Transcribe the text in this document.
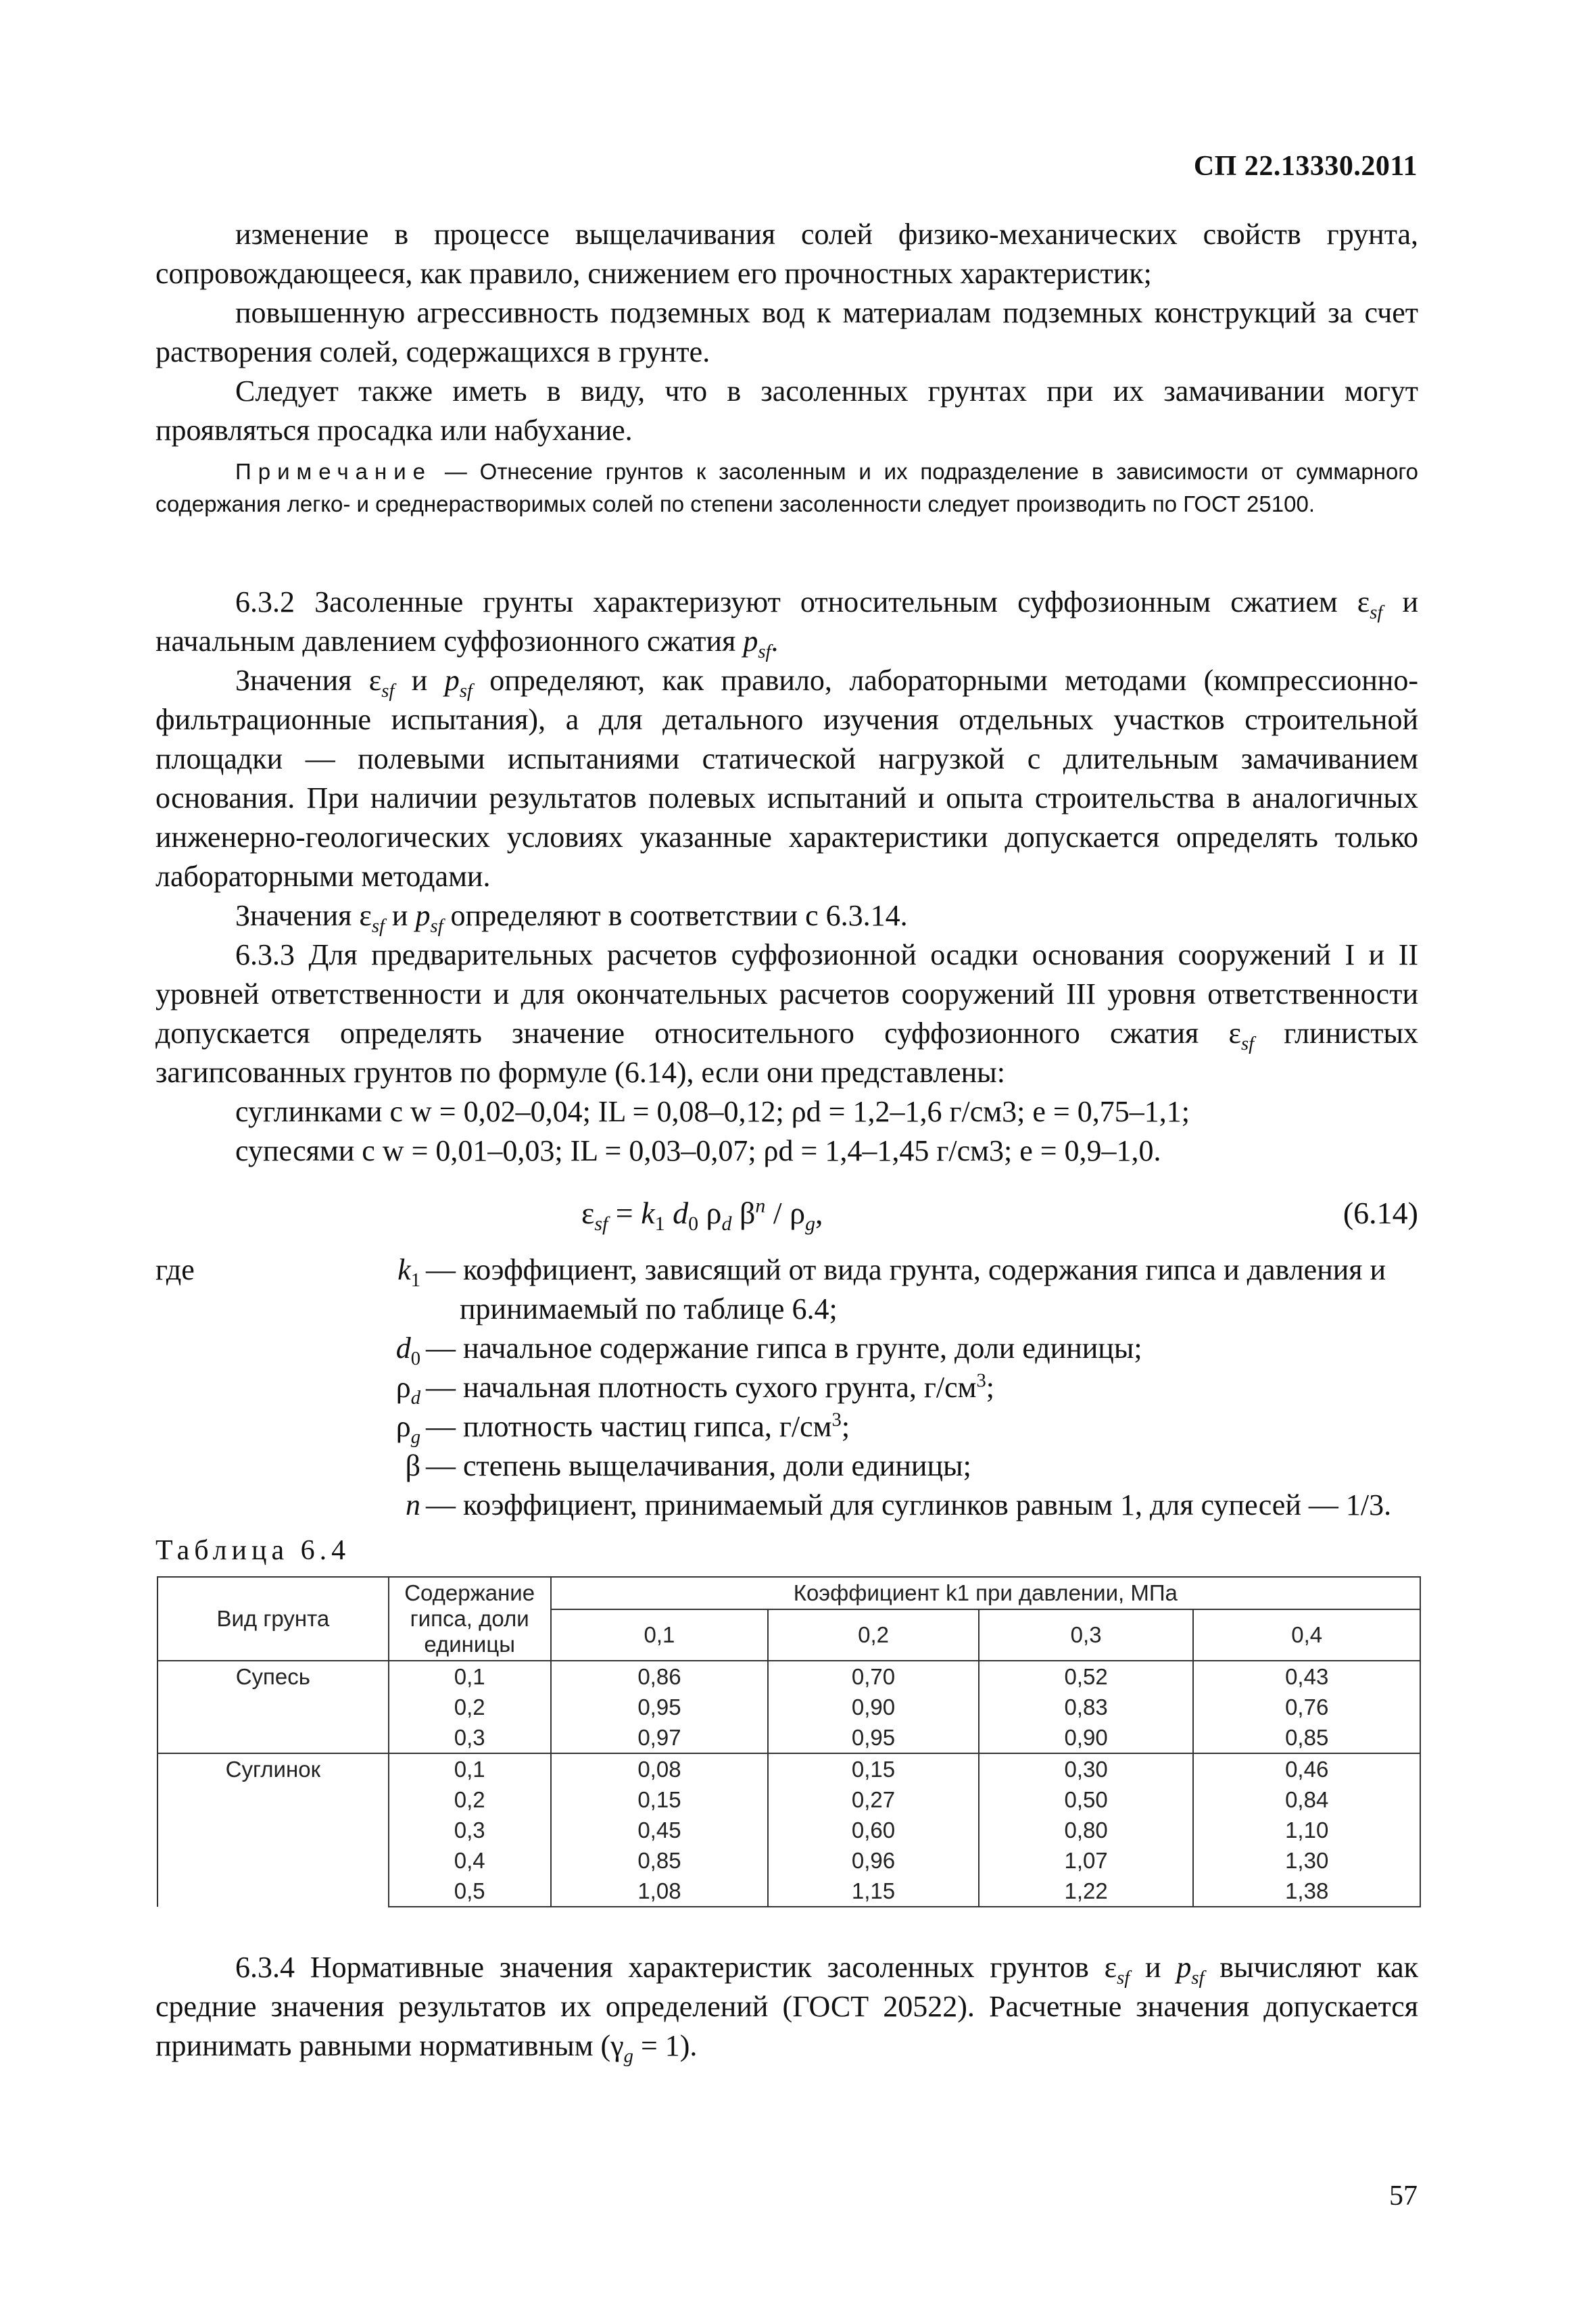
СП 22.13330.2011
изменение в процессе выщелачивания солей физико-механических свойств грунта, сопровождающееся, как правило, снижением его прочностных характеристик;
повышенную агрессивность подземных вод к материалам подземных конструкций за счет растворения солей, содержащихся в грунте.
Следует также иметь в виду, что в засоленных грунтах при их замачивании могут проявляться просадка или набухание.
Примечание — Отнесение грунтов к засоленным и их подразделение в зависимости от суммарного содержания легко- и среднерастворимых солей по степени засоленности следует производить по ГОСТ 25100.
6.3.2 Засоленные грунты характеризуют относительным суффозионным сжатием $\varepsilon_{sf}$ и начальным давлением суффозионного сжатия $p_{sf}$.
Значения $\varepsilon_{sf}$ и $p_{sf}$ определяют, как правило, лабораторными методами (компрессионно-фильтрационные испытания), а для детального изучения отдельных участков строительной площадки — полевыми испытаниями статической нагрузкой с длительным замачиванием основания. При наличии результатов полевых испытаний и опыта строительства в аналогичных инженерно-геологических условиях указанные характеристики допускается определять только лабораторными методами.
Значения $\varepsilon_{sf}$ и $p_{sf}$ определяют в соответствии с 6.3.14.
6.3.3 Для предварительных расчетов суффозионной осадки основания сооружений I и II уровней ответственности и для окончательных расчетов сооружений III уровня ответственности допускается определять значение относительного суффозионного сжатия $\varepsilon_{sf}$ глинистых загипсованных грунтов по формуле (6.14), если они представлены:
суглинками с w = 0,02–0,04; IL = 0,08–0,12; ρd = 1,2–1,6 г/см3; e = 0,75–1,1;
супесями с w = 0,01–0,03; IL = 0,03–0,07; ρd = 1,4–1,45 г/см3; e = 0,9–1,0.
$\varepsilon_{sf} = k_1$ $d_0$ $\rho_d$ $\beta^n / \rho_g$,	(6.14)
где	$k_1$ — коэффициент, зависящий от вида грунта, содержания гипса и давления и
принимаемый по таблице 6.4;
$d_0$ — начальное содержание гипса в грунте, доли единицы;
$\rho_d$ — начальная плотность сухого грунта, $г/см^3$;
$\rho_g$ — плотность частиц гипса, $г/см^3$;
β — степень выщелачивания, доли единицы;
n — коэффициент, принимаемый для суглинков равным 1, для супесей — 1/3.
Таблица 6.4
Вид грунта	Содержание гипса, доли единицы	Коэффициент k1 при давлении, МПа			
		0,1	0,2	0,3	0,4
Супесь	0,1	0,86	0,70	0,52	0,43
	0,2	0,95	0,90	0,83	0,76
	0,3	0,97	0,95	0,90	0,85
Суглинок	0,1	0,08	0,15	0,30	0,46
	0,2	0,15	0,27	0,50	0,84
	0,3	0,45	0,60	0,80	1,10
	0,4	0,85	0,96	1,07	1,30
	0,5	1,08	1,15	1,22	1,38
6.3.4 Нормативные значения характеристик засоленных грунтов $\varepsilon_{sf}$ и $p_{sf}$ вычисляют как средние значения результатов их определений (ГОСТ 20522). Расчетные значения допускается принимать равными нормативным $(\gamma_g = 1)$.
57
